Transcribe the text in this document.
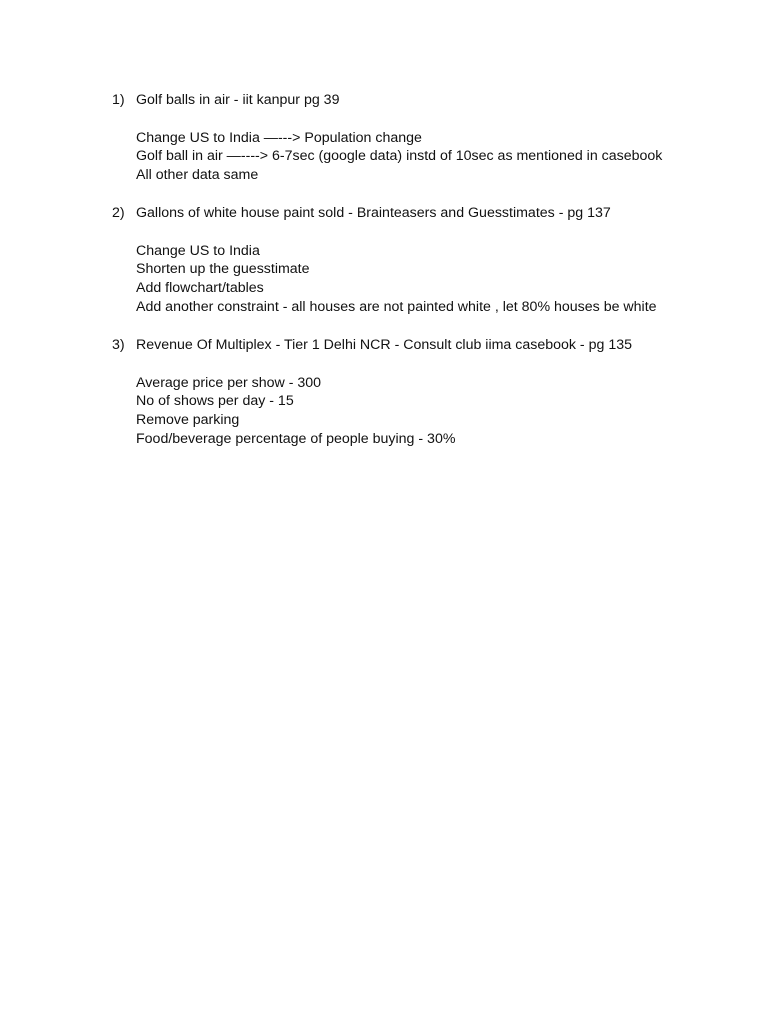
1) Golf balls in air - iit kanpur pg 39
Change US to India —---> Population change
Golf ball in air —----> 6-7sec (google data) instd of 10sec as mentioned in casebook
All other data same
2) Gallons of white house paint sold - Brainteasers and Guesstimates - pg 137
Change US to India
Shorten up the guesstimate
Add flowchart/tables
Add another constraint - all houses are not painted white , let 80% houses be white
3) Revenue Of Multiplex - Tier 1 Delhi NCR - Consult club iima casebook - pg 135
Average price per show - 300
No of shows per day - 15
Remove parking
Food/beverage percentage of people buying - 30%
